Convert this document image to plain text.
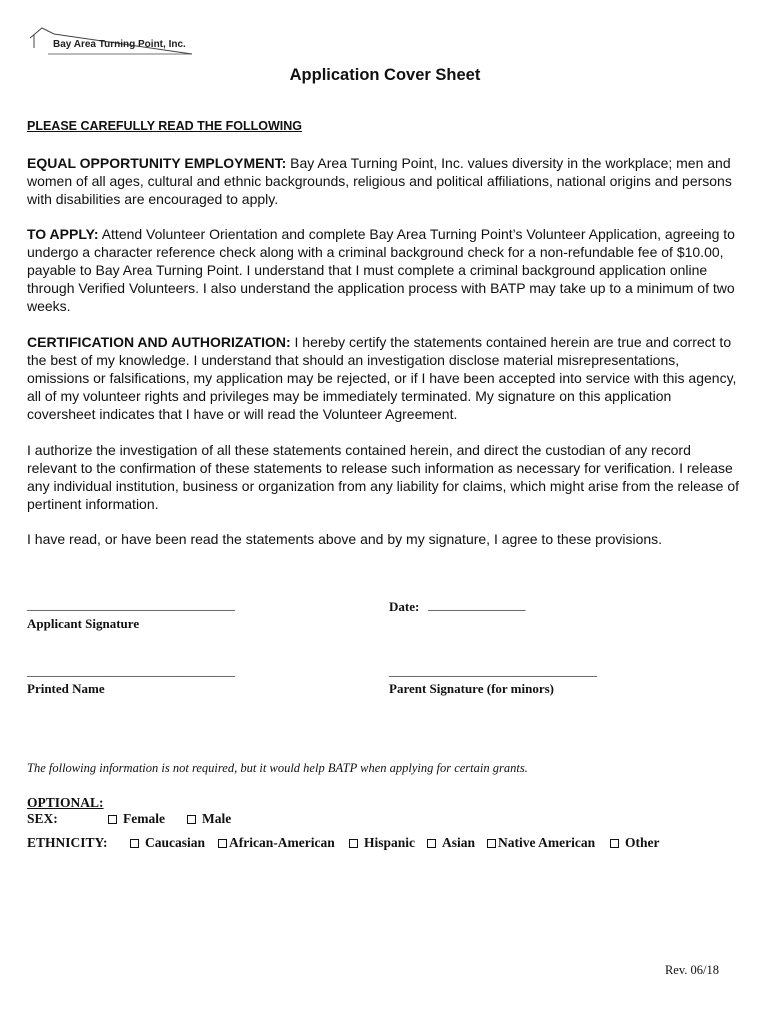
Bay Area Turning Point, Inc.
Application Cover Sheet
PLEASE CAREFULLY READ THE FOLLOWING

EQUAL OPPORTUNITY EMPLOYMENT: Bay Area Turning Point, Inc. values diversity in the workplace; men and women of all ages, cultural and ethnic backgrounds, religious and political affiliations, national origins and persons with disabilities are encouraged to apply.

TO APPLY: Attend Volunteer Orientation and complete Bay Area Turning Point’s Volunteer Application, agreeing to undergo a character reference check along with a criminal background check for a non-refundable fee of $10.00, payable to Bay Area Turning Point. I understand that I must complete a criminal background application online through Verified Volunteers. I also understand the application process with BATP may take up to a minimum of two weeks.

CERTIFICATION AND AUTHORIZATION: I hereby certify the statements contained herein are true and correct to the best of my knowledge. I understand that should an investigation disclose material misrepresentations, omissions or falsifications, my application may be rejected, or if I have been accepted into service with this agency, all of my volunteer rights and privileges may be immediately terminated. My signature on this application coversheet indicates that I have or will read the Volunteer Agreement.

I authorize the investigation of all these statements contained herein, and direct the custodian of any record relevant to the confirmation of these statements to release such information as necessary for verification. I release any individual institution, business or organization from any liability for claims, which might arise from the release of pertinent information.

I have read, or have been read the statements above and by my signature, I agree to these provisions.

________________________________
Applicant Signature
Date: _______________
________________________________
Printed Name
________________________________
Parent Signature (for minors)
The following information is not required, but it would help BATP when applying for certain grants.
OPTIONAL:
SEX:	Female	Male
ETHNICITY:	Caucasian	African-American	Hispanic	Asian	Native American	Other
Rev. 06/18
